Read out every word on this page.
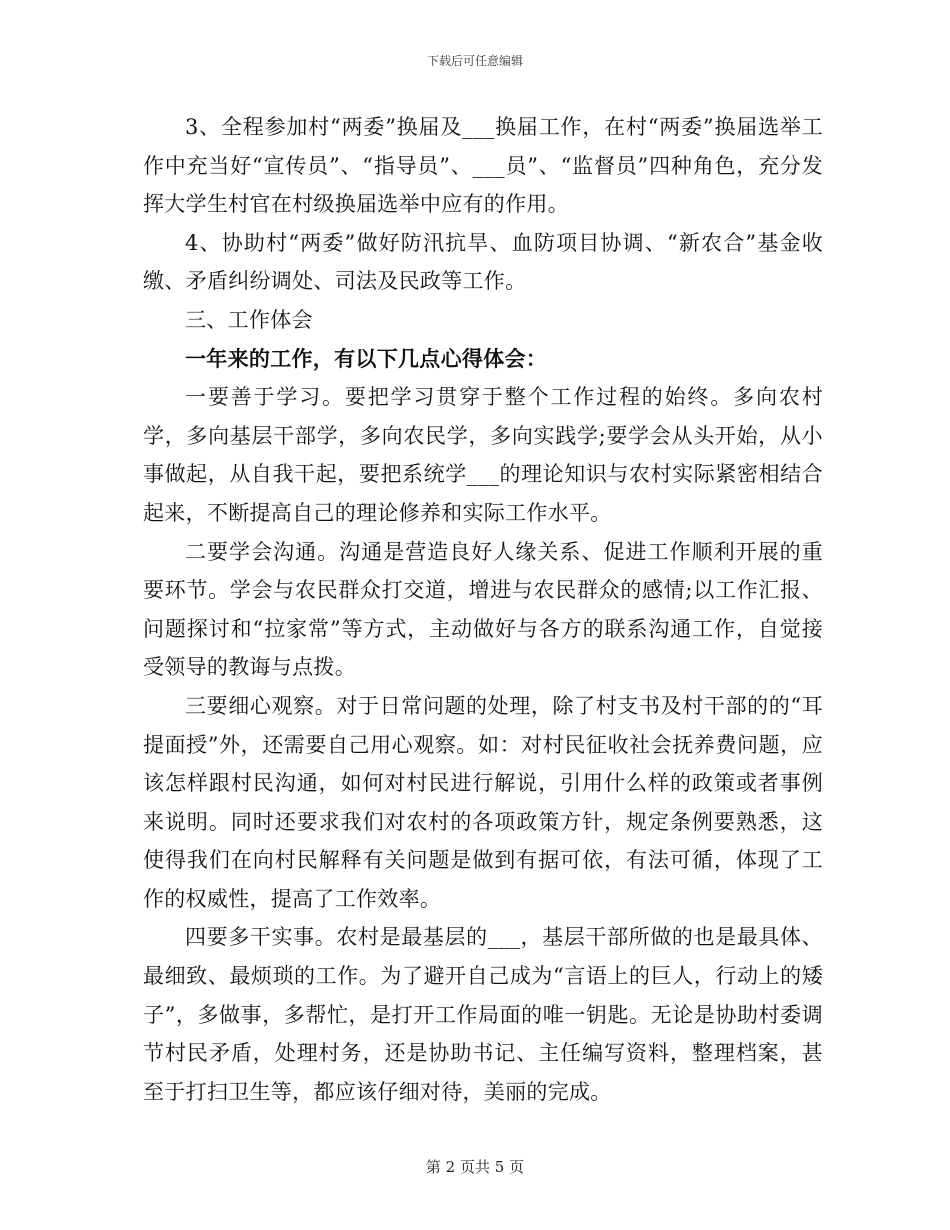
下载后可任意编辑

3、全程参加村“两委”换届及___换届工作，在村“两委”换届选举工作中充当好“宣传员”、“指导员”、___员”、“监督员”四种角色，充分发挥大学生村官在村级换届选举中应有的作用。

4、协助村“两委”做好防汛抗旱、血防项目协调、“新农合”基金收缴、矛盾纠纷调处、司法及民政等工作。

三、工作体会

一年来的工作，有以下几点心得体会：

一要善于学习。要把学习贯穿于整个工作过程的始终。多向农村学，多向基层干部学，多向农民学，多向实践学;要学会从头开始，从小事做起，从自我干起，要把系统学___的理论知识与农村实际紧密相结合起来，不断提高自己的理论修养和实际工作水平。

二要学会沟通。沟通是营造良好人缘关系、促进工作顺利开展的重要环节。学会与农民群众打交道，增进与农民群众的感情;以工作汇报、问题探讨和“拉家常”等方式，主动做好与各方的联系沟通工作，自觉接受领导的教诲与点拨。

三要细心观察。对于日常问题的处理，除了村支书及村干部的的“耳提面授”外，还需要自己用心观察。如：对村民征收社会抚养费问题，应该怎样跟村民沟通，如何对村民进行解说，引用什么样的政策或者事例来说明。同时还要求我们对农村的各项政策方针，规定条例要熟悉，这使得我们在向村民解释有关问题是做到有据可依，有法可循，体现了工作的权威性，提高了工作效率。

四要多干实事。农村是最基层的___，基层干部所做的也是最具体、最细致、最烦琐的工作。为了避开自己成为“言语上的巨人，行动上的矮子”，多做事，多帮忙，是打开工作局面的唯一钥匙。无论是协助村委调节村民矛盾，处理村务，还是协助书记、主任编写资料，整理档案，甚至于打扫卫生等，都应该仔细对待，美丽的完成。

第 2 页共 5 页
